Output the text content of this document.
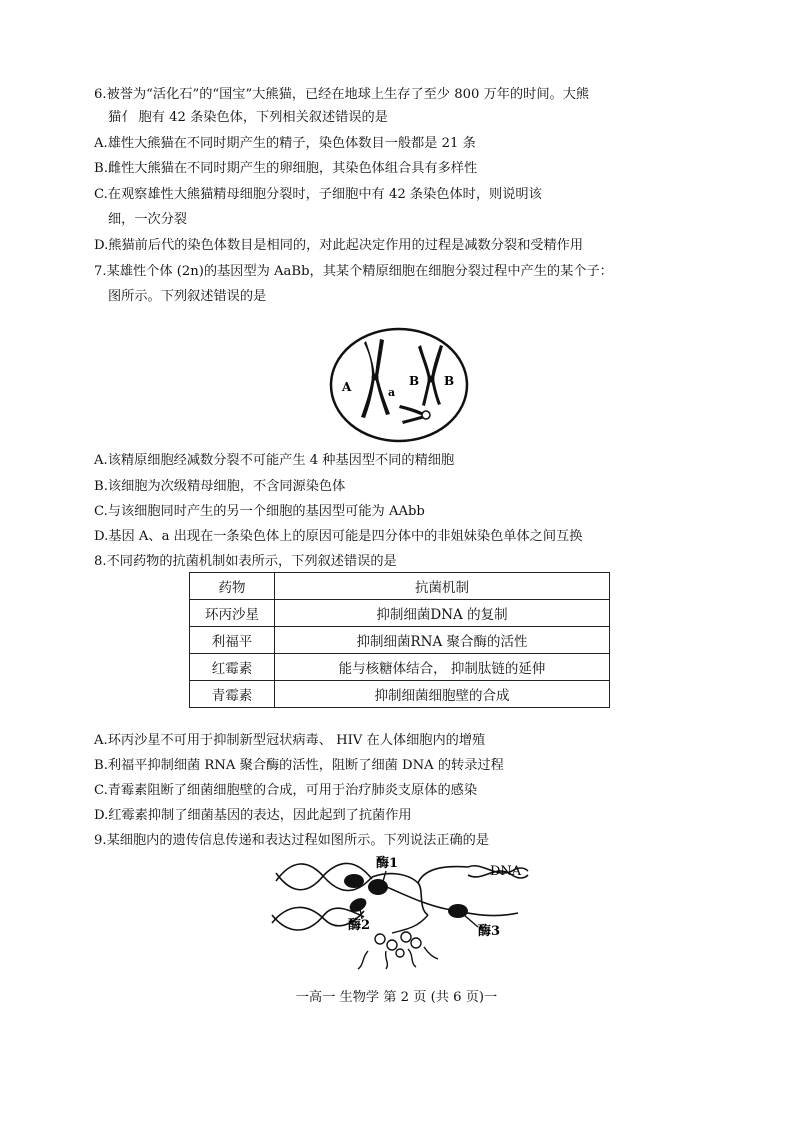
6.被誉为“活化石”的“国宝”大熊猫，已经在地球上生存了至少 800 万年的时间。大熊
猫亻 胞有 42 条染色体，下列相关叙述错误的是
A.雄性大熊猫在不同时期产生的精子，染色体数目一般都是 21 条
B.雌性大熊猫在不同时期产生的卵细胞，其染色体组合具有多样性
C.在观察雄性大熊猫精母细胞分裂时，子细胞中有 42 条染色体时，则说明该
细，一次分裂
D.熊猫前后代的染色体数目是相同的，对此起决定作用的过程是减数分裂和受精作用
7.某雄性个体 (2n)的基因型为 AaBb，其某个精原细胞在细胞分裂过程中产生的某个子：
图所示。下列叙述错误的是
A	a
B B
A.该精原细胞经减数分裂不可能产生 4 种基因型不同的精细胞
B.该细胞为次级精母细胞，不含同源染色体
C.与该细胞同时产生的另一个细胞的基因型可能为 AAbb
D.基因 A、a 出现在一条染色体上的原因可能是四分体中的非姐妹染色单体之间互换
8.不同药物的抗菌机制如表所示，下列叙述错误的是
药物	抗菌机制
环丙沙星	抑制细菌DNA 的复制
利福平	抑制细菌RNA 聚合酶的活性
红霉素	能与核糖体结合， 抑制肽链的延伸
青霉素	抑制细菌细胞壁的合成
A.环丙沙星不可用于抑制新型冠状病毒、 HIV 在人体细胞内的增殖
B.利福平抑制细菌 RNA 聚合酶的活性，阻断了细菌 DNA 的转录过程
C.青霉素阻断了细菌细胞壁的合成，可用于治疗肺炎支原体的感染
D.红霉素抑制了细菌基因的表达，因此起到了抗菌作用
9.某细胞内的遗传信息传递和表达过程如图所示。下列说法正确的是
酶1
DNA
酶2	酶3
一高一 生物学 第 2 页 (共 6 页)一
